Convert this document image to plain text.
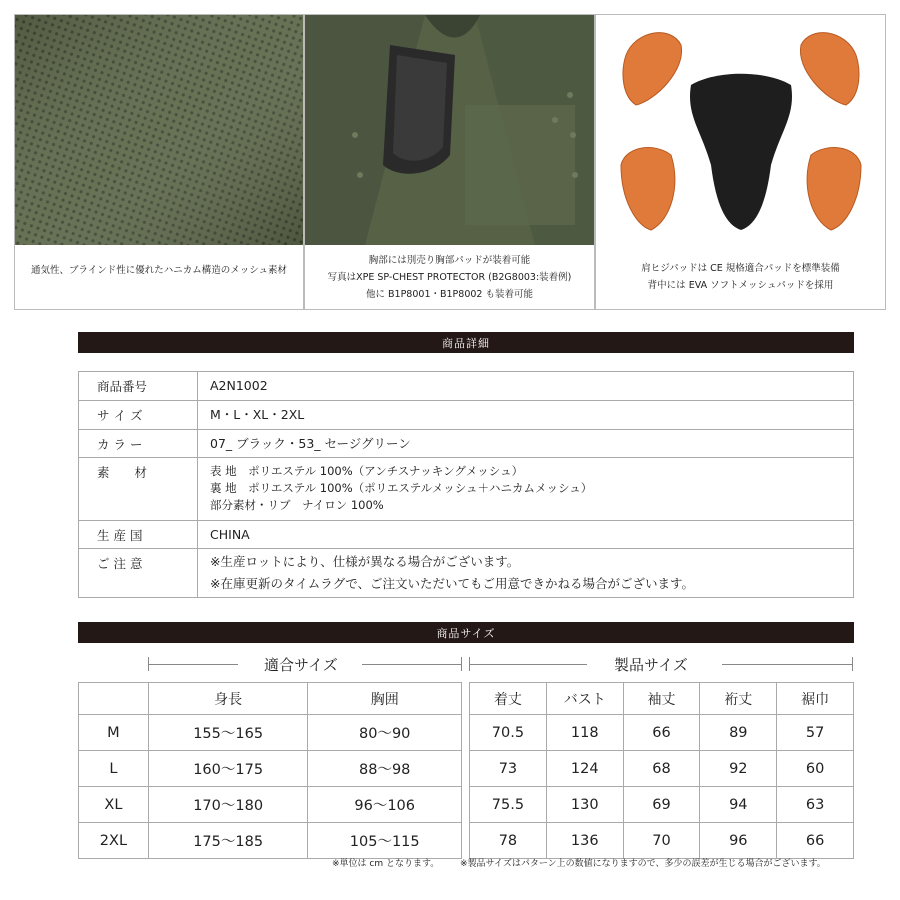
通気性、ブラインド性に優れたハニカム構造のメッシュ素材
胸部には別売り胸部パッドが装着可能
写真はXPE SP-CHEST PROTECTOR (B2G8003:装着例)
他に B1P8001・B1P8002 も装着可能
肩ヒジパッドは CE 規格適合パッドを標準装備
背中には EVA ソフトメッシュパッドを採用
商品詳細
商品番号	A2N1002

サ イ ズ	M・L・XL・2XL

カ ラ ー	07_ ブラック・53_ セージグリーン

素　　材	表 地　ポリエステル 100%（アンチスナッキングメッシュ）
裏 地　ポリエステル 100%（ポリエステルメッシュ＋ハニカムメッシュ）
部分素材・リブ　ナイロン 100%

生 産 国	CHINA

ご 注 意	※生産ロットにより、仕様が異なる場合がございます。
※在庫更新のタイムラグで、ご注文いただいてもご用意できかねる場合がございます。
商品サイズ
適合サイズ	製品サイズ
	身長	胸囲
M	155〜165	80〜90
L	160〜175	88〜98
XL	170〜180	96〜106
2XL	175〜185	105〜115
着丈	バスト	袖丈	裄丈	裾巾
70.5	118	66	89	57
73	124	68	92	60
75.5	130	69	94	63
78	136	70	96	66
※単位は cm となります。 ※製品サイズはパターン上の数値になりますので、多少の誤差が生じる場合がございます。
